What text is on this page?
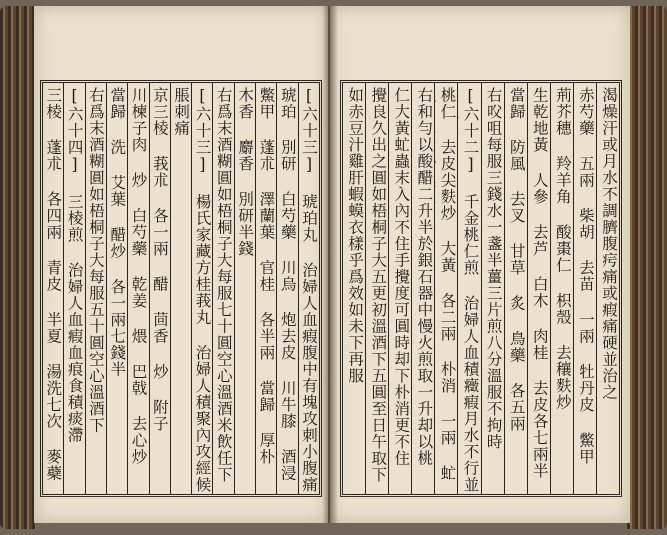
渴燥汗或月水不調臍腹疞痛或瘕痛硬並治之
赤芍藥 五兩 柴胡 去苗 一兩 牡丹皮 鱉甲 醋炙去裙黃
荊芥穗 羚羊角 酸棗仁 枳殼 去穰麩炒
生乾地黃 人參 去芦 白木 肉桂 去皮各七兩半
當歸 防風 去叉 甘草 炙 鳥藥 各五兩
右㕮咀每服三錢水一盞半薑三片煎八分溫服不拘時
[六十二] 千金桃仁煎 治婦人血積癥瘕月水不行並
桃仁 去皮尖麩炒 大黃 各二兩 朴消 一兩 虻 半兩炒黑色
右和勻以酸醋二升半於銀石器中慢火煎取一升却以桃
仁大黃虻蟲末入內不住手攪度可圓時却下朴消更不住
攪良久出之圓如梧桐子大五更初溫酒下五圓至日午取下
如赤豆汁雞肝蝦蟆衣樣乎爲效如未下再服
[六十三] 琥珀丸 治婦人血瘕腹中有塊攻刺小腹痛
琥珀 別研 白芍藥 川烏 炮去皮 川牛膝 酒浸
鱉甲 蓬朮 澤蘭葉 官桂 各半兩 當歸 厚朴
木香 麝香 別研半錢
右爲末酒糊圓如梧桐子大每服七十圓空心溫酒米飲任下
[六十三] 楊氏家藏方桂莪丸 治婦人積聚內攻經候
脹刺痛
京三棱 莪朮 各一兩 醋 茴香 炒 附子
川楝子肉 炒 白芍藥 乾姜 煨 巴戟 去心炒
當歸 洗 艾葉 醋炒 各一兩七錢半
右爲末酒糊圓如梧桐子大每服五十圓空心溫酒下
[六十四] 三棱煎 治婦人血瘕血痕食積痰滯
三棱 蓬朮 各四兩 青皮 半夏 湯洗七次 麥蘗
